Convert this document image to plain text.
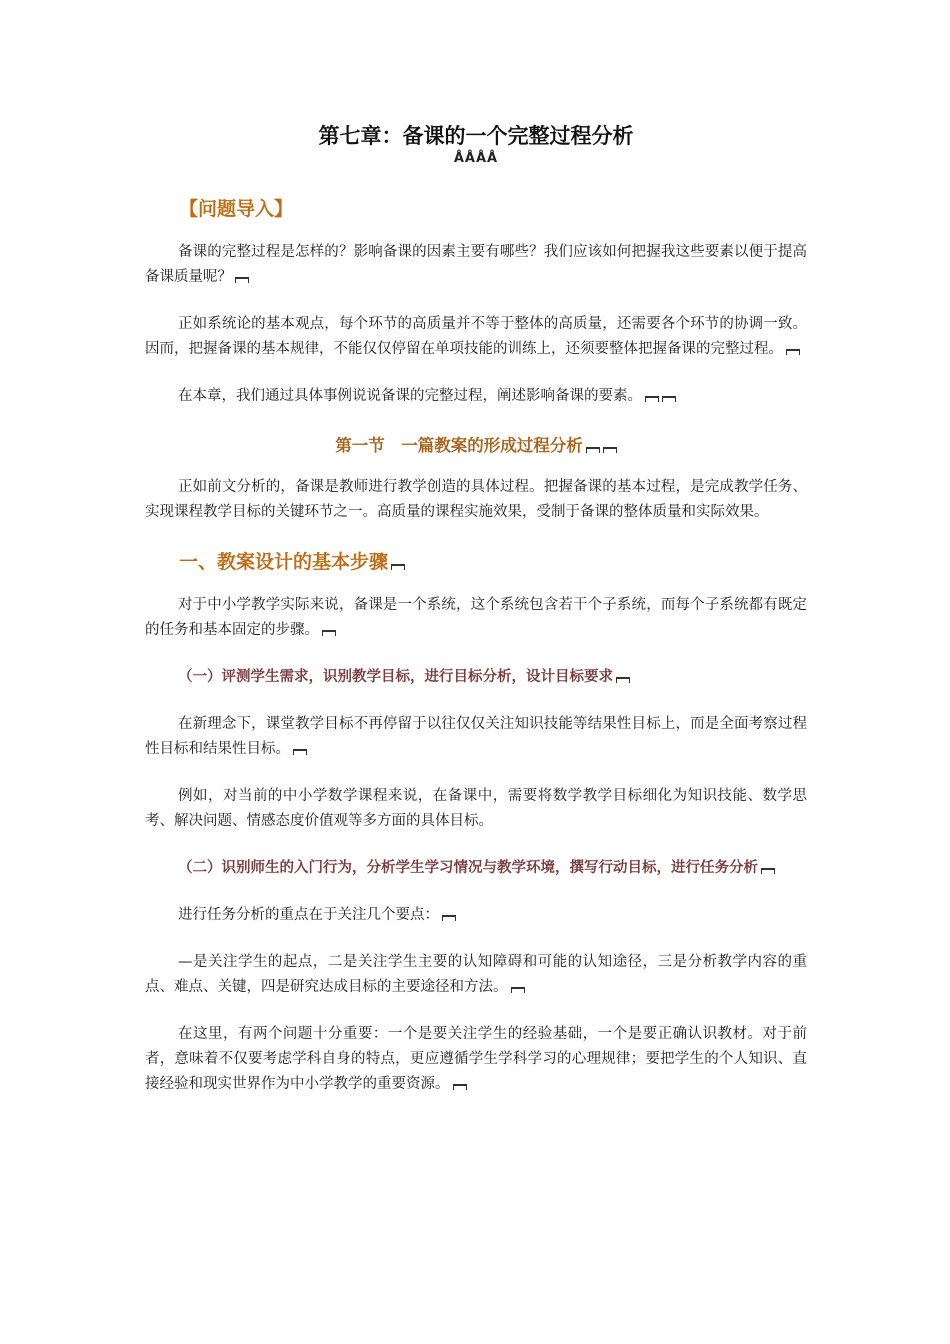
第七章：备课的一个完整过程分析
ÅÅÅÅ
【问题导入】

备课的完整过程是怎样的？影响备课的因素主要有哪些？我们应该如何把握我这些要素以便于提高备课质量呢？

正如系统论的基本观点，每个环节的高质量并不等于整体的高质量，还需要各个环节的协调一致。因而，把握备课的基本规律，不能仅仅停留在单项技能的训练上，还须要整体把握备课的完整过程。

在本章，我们通过具体事例说说备课的完整过程，阐述影响备课的要素。

第一节　一篇教案的形成过程分析

正如前文分析的，备课是教师进行教学创造的具体过程。把握备课的基本过程，是完成教学任务、实现课程教学目标的关键环节之一。高质量的课程实施效果，受制于备课的整体质量和实际效果。

一、教案设计的基本步骤

对于中小学教学实际来说，备课是一个系统，这个系统包含若干个子系统，而每个子系统都有既定的任务和基本固定的步骤。

（一）评测学生需求，识别教学目标，进行目标分析，设计目标要求

在新理念下，课堂教学目标不再停留于以往仅仅关注知识技能等结果性目标上，而是全面考察过程性目标和结果性目标。

例如，对当前的中小学数学课程来说，在备课中，需要将数学教学目标细化为知识技能、数学思考、解决问题、情感态度价值观等多方面的具体目标。

（二）识别师生的入门行为，分析学生学习情况与教学环境，撰写行动目标，进行任务分析

进行任务分析的重点在于关注几个要点：

—是关注学生的起点，二是关注学生主要的认知障碍和可能的认知途径，三是分析教学内容的重点、难点、关键，四是研究达成目标的主要途径和方法。

在这里，有两个问题十分重要：一个是要关注学生的经验基础，一个是要正确认识教材。对于前者，意味着不仅要考虑学科自身的特点，更应遵循学生学科学习的心理规律；要把学生的个人知识、直接经验和现实世界作为中小学教学的重要资源。
